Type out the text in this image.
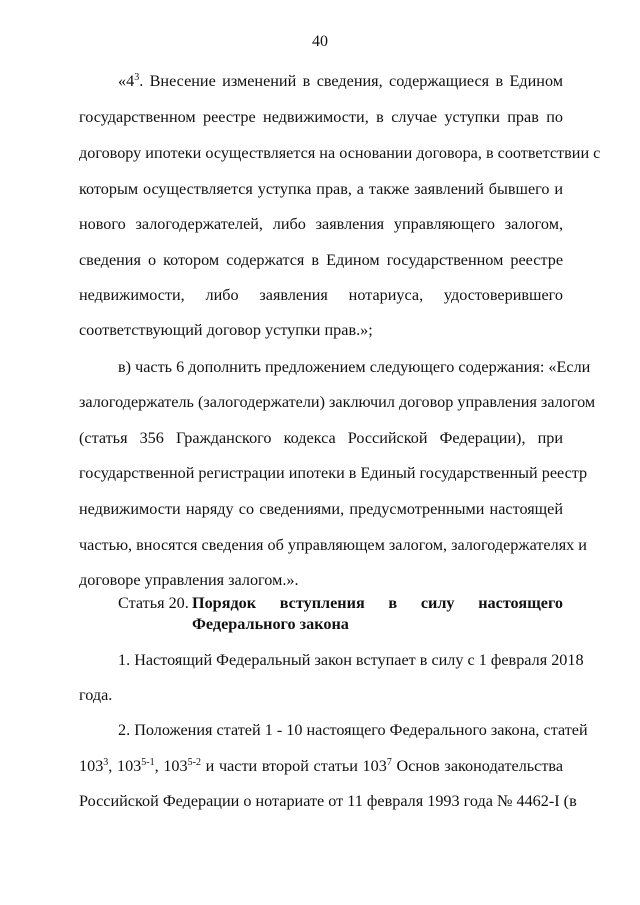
40
«$4^3$. Внесение изменений в сведения, содержащиеся в Едином
государственном реестре недвижимости, в случае уступки прав по
договору ипотеки осуществляется на основании договора, в соответствии с
которым осуществляется уступка прав, а также заявлений бывшего и
нового залогодержателей, либо заявления управляющего залогом,
сведения о котором содержатся в Едином государственном реестре
недвижимости, либо заявления нотариуса, удостоверившего
соответствующий договор уступки прав.»;
в) часть 6 дополнить предложением следующего содержания: «Если
залогодержатель (залогодержатели) заключил договор управления залогом
(статья 356 Гражданского кодекса Российской Федерации), при
государственной регистрации ипотеки в Единый государственный реестр
недвижимости наряду со сведениями, предусмотренными настоящей
частью, вносятся сведения об управляющем залогом, залогодержателях и
договоре управления залогом.».
Статья 20. Порядок вступления в силу настоящего
Федерального закона
1. Настоящий Федеральный закон вступает в силу с 1 февраля 2018
года.
2. Положения статей 1 - 10 настоящего Федерального закона, статей
$103^3$, 103$^{5-1}$, 103$^{5-2}$ и части второй статьи $103^7$ Основ законодательства
Российской Федерации о нотариате от 11 февраля 1993 года № 4462-I (в
